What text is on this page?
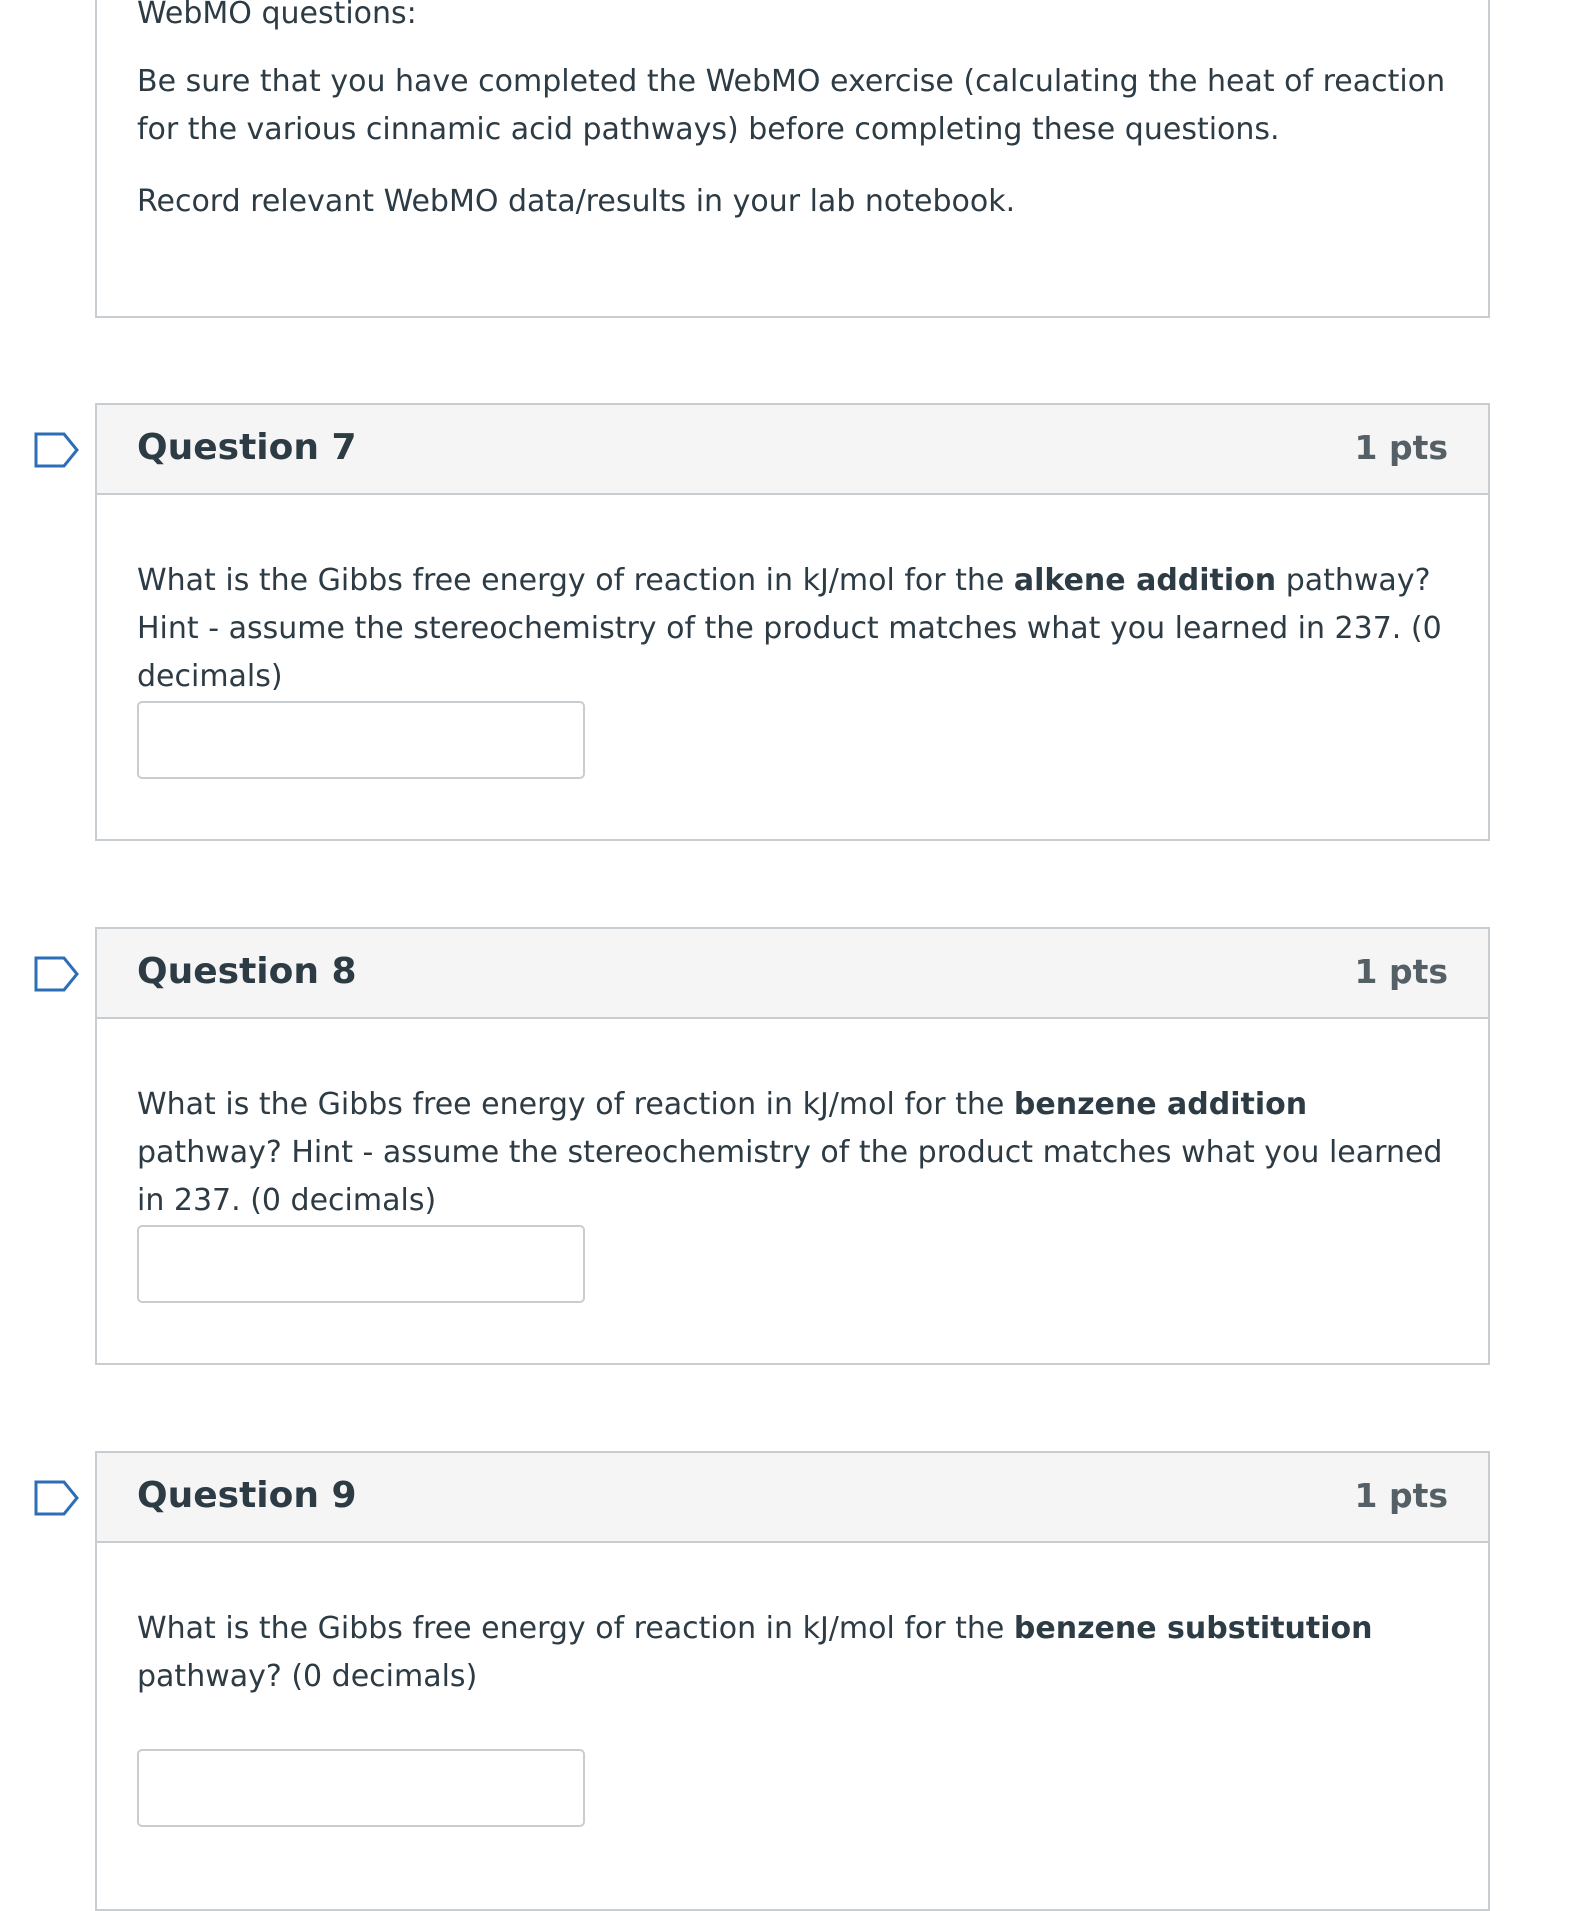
WebMO questions:

Be sure that you have completed the WebMO exercise (calculating the heat of reaction for the various cinnamic acid pathways) before completing these questions.

Record relevant WebMO data/results in your lab notebook.

Question 7	1 pts

What is the Gibbs free energy of reaction in kJ/mol for the alkene addition pathway? Hint - assume the stereochemistry of the product matches what you learned in 237. (0 decimals)

Question 8	1 pts

What is the Gibbs free energy of reaction in kJ/mol for the benzene addition pathway? Hint - assume the stereochemistry of the product matches what you learned in 237. (0 decimals)

Question 9	1 pts

What is the Gibbs free energy of reaction in kJ/mol for the benzene substitution pathway? (0 decimals)
